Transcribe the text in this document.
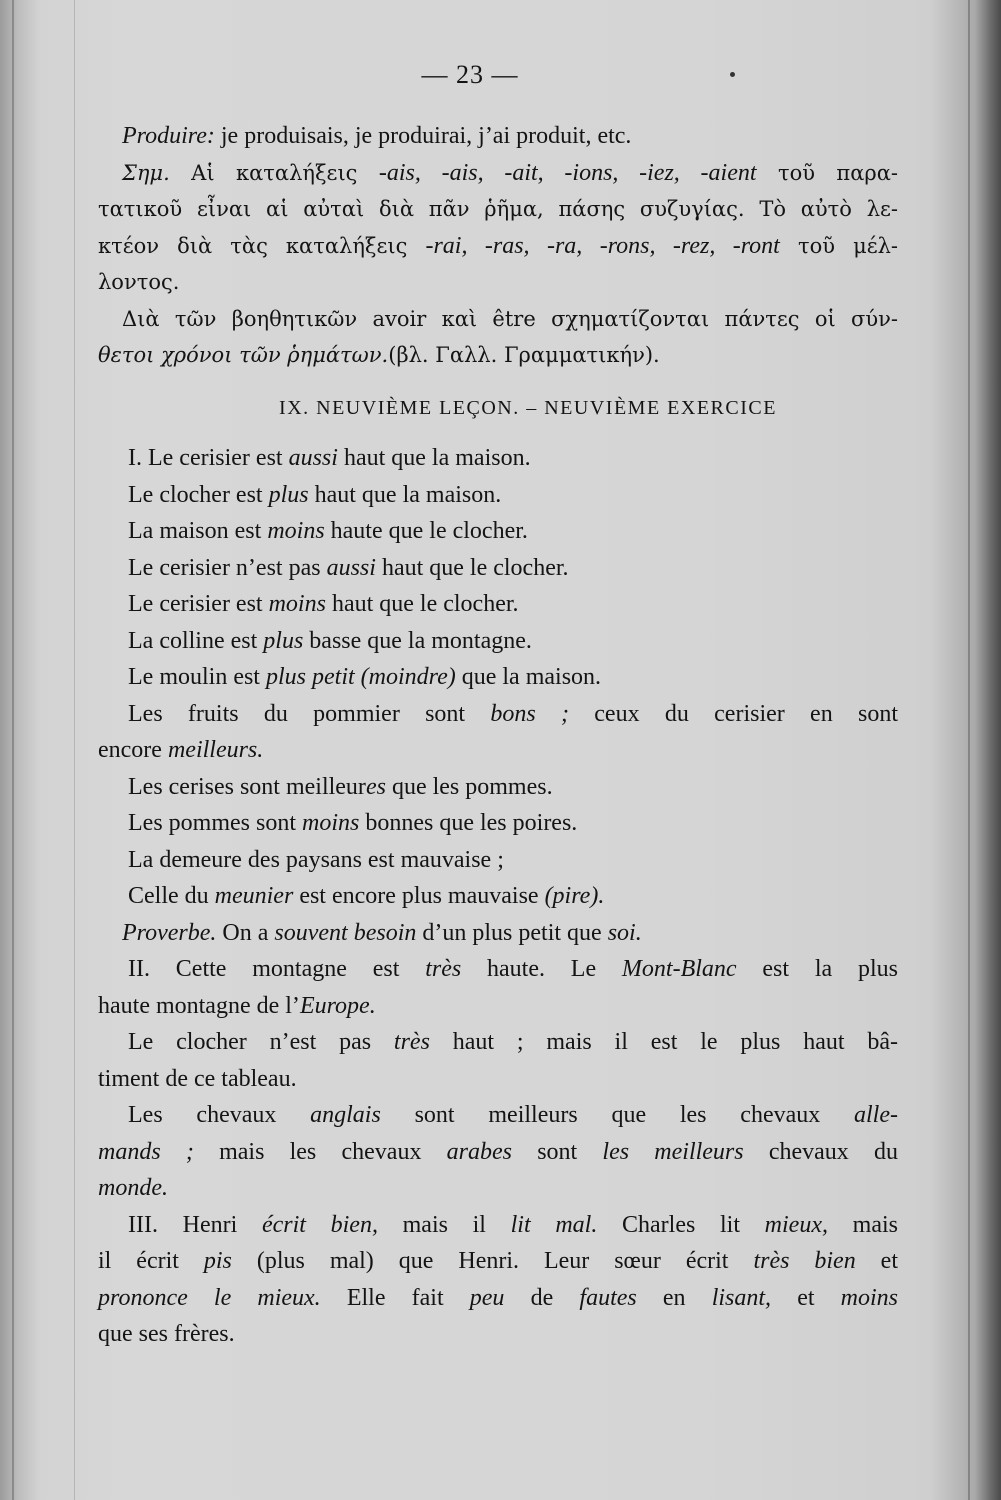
— 23 —
Produire: je produisais, je produirai, j’ai produit, etc.
Σημ. Αἱ καταλήξεις -ais, -ais, -ait, -ions, -iez, -aient τοῦ παρα-
τατικοῦ εἶναι αἱ αὐταὶ διὰ πᾶν ῥῆμα, πάσης συζυγίας. Τὸ αὐτὸ λε-
κτέον διὰ τὰς καταλήξεις -rai, -ras, -ra, -rons, -rez, -ront τοῦ μέλ-
λοντος.
Διὰ τῶν βοηθητικῶν avoir καὶ être σχηματίζονται πάντες οἱ σύν-
θετοι χρόνοι τῶν ῥημάτων.(βλ. Γαλλ. Γραμματικήν).
IX. NEUVIÈME LEÇON. – NEUVIÈME EXERCICE
I. Le cerisier est aussi haut que la maison.
Le clocher est plus haut que la maison.
La maison est moins haute que le clocher.
Le cerisier n’est pas aussi haut que le clocher.
Le cerisier est moins haut que le clocher.
La colline est plus basse que la montagne.
Le moulin est plus petit (moindre) que la maison.
Les fruits du pommier sont bons ; ceux du cerisier en sont
encore meilleurs.
Les cerises sont meilleures que les pommes.
Les pommes sont moins bonnes que les poires.
La demeure des paysans est mauvaise ;
Celle du meunier est encore plus mauvaise (pire).
Proverbe. On a souvent besoin d’un plus petit que soi.
II. Cette montagne est très haute. Le Mont-Blanc est la plus
haute montagne de l’Europe.
Le clocher n’est pas très haut ; mais il est le plus haut bâ-
timent de ce tableau.
Les chevaux anglais sont meilleurs que les chevaux alle-
mands ; mais les chevaux arabes sont les meilleurs chevaux du
monde.
III. Henri écrit bien, mais il lit mal. Charles lit mieux, mais
il écrit pis (plus mal) que Henri. Leur sœur écrit très bien et
prononce le mieux. Elle fait peu de fautes en lisant, et moins
que ses frères.
